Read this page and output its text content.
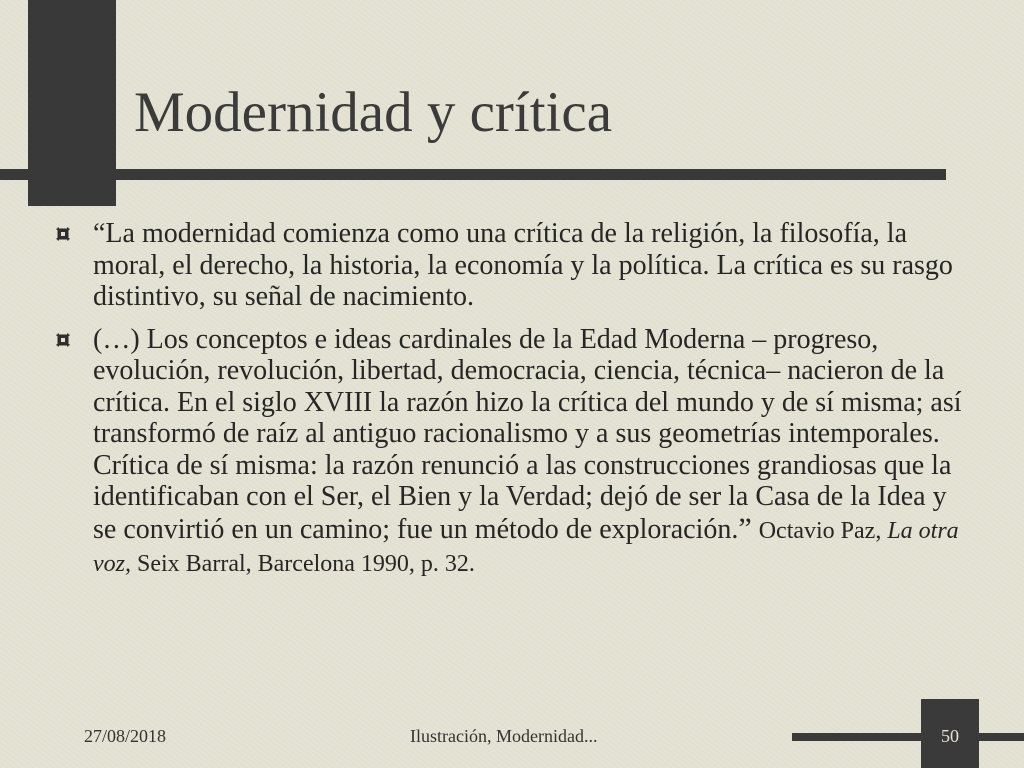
Modernidad y crítica
“La modernidad comienza como una crítica de la religión, la filosofía, la moral, el derecho, la historia, la economía y la política. La crítica es su rasgo distintivo, su señal de nacimiento.
(…) Los conceptos e ideas cardinales de la Edad Moderna – progreso, evolución, revolución, libertad, democracia, ciencia, técnica– nacieron de la crítica. En el siglo XVIII la razón hizo la crítica del mundo y de sí misma; así transformó de raíz al antiguo racionalismo y a sus geometrías intemporales. Crítica de sí misma: la razón renunció a las construcciones grandiosas que la identificaban con el Ser, el Bien y la Verdad; dejó de ser la Casa de la Idea y se convirtió en un camino; fue un método de exploración.” Octavio Paz, La otra voz, Seix Barral, Barcelona 1990, p. 32.
27/08/2018	Ilustración, Modernidad...	50
